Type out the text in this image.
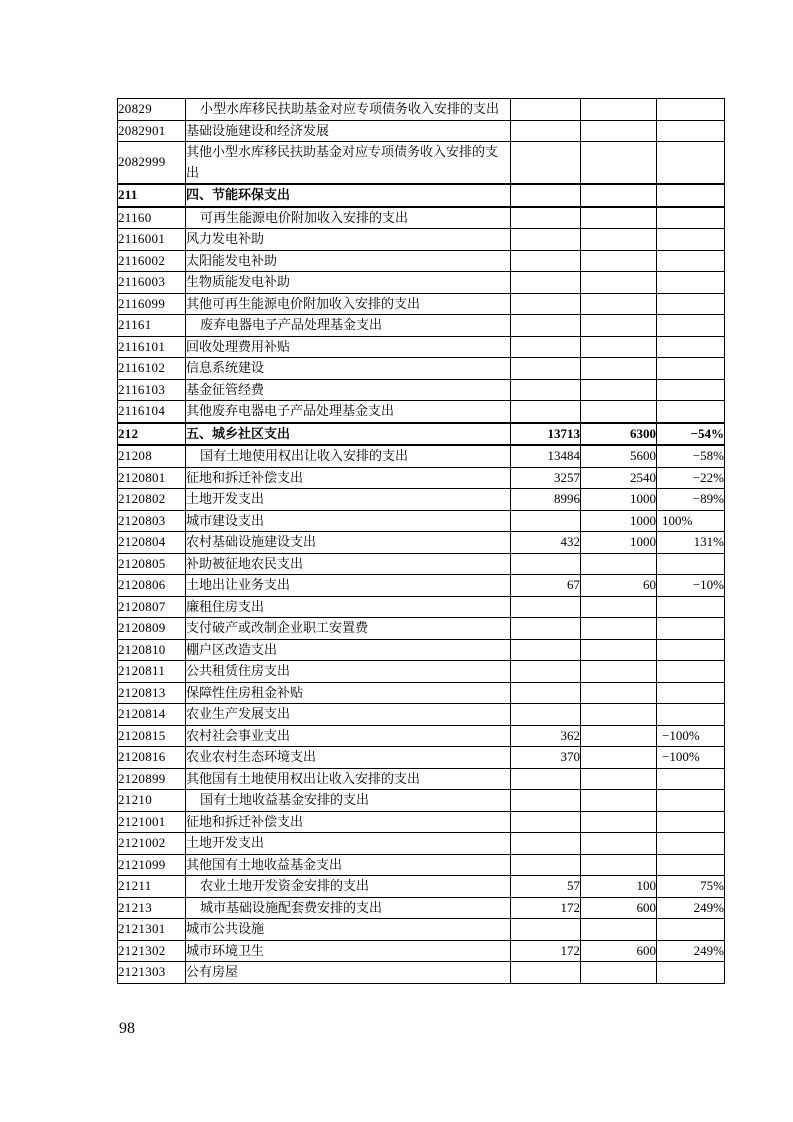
20829	小型水库移民扶助基金对应专项债务收入安排的支出			
2082901	基础设施建设和经济发展			
2082999	其他小型水库移民扶助基金对应专项债务收入安排的支出			
211	四、节能环保支出			
21160	可再生能源电价附加收入安排的支出			
2116001	风力发电补助			
2116002	太阳能发电补助			
2116003	生物质能发电补助			
2116099	其他可再生能源电价附加收入安排的支出			
21161	废弃电器电子产品处理基金支出			
2116101	回收处理费用补贴			
2116102	信息系统建设			
2116103	基金征管经费			
2116104	其他废弃电器电子产品处理基金支出			
212	五、城乡社区支出	13713	6300	−54%
21208	国有土地使用权出让收入安排的支出	13484	5600	−58%
2120801	征地和拆迁补偿支出	3257	2540	−22%
2120802	土地开发支出	8996	1000	−89%
2120803	城市建设支出		1000	100%
2120804	农村基础设施建设支出	432	1000	131%
2120805	补助被征地农民支出			
2120806	土地出让业务支出	67	60	−10%
2120807	廉租住房支出			
2120809	支付破产或改制企业职工安置费			
2120810	棚户区改造支出			
2120811	公共租赁住房支出			
2120813	保障性住房租金补贴			
2120814	农业生产发展支出			
2120815	农村社会事业支出	362		−100%
2120816	农业农村生态环境支出	370		−100%
2120899	其他国有土地使用权出让收入安排的支出			
21210	国有土地收益基金安排的支出			
2121001	征地和拆迁补偿支出			
2121002	土地开发支出			
2121099	其他国有土地收益基金支出			
21211	农业土地开发资金安排的支出	57	100	75%
21213	城市基础设施配套费安排的支出	172	600	249%
2121301	城市公共设施			
2121302	城市环境卫生	172	600	249%
2121303	公有房屋			
98
